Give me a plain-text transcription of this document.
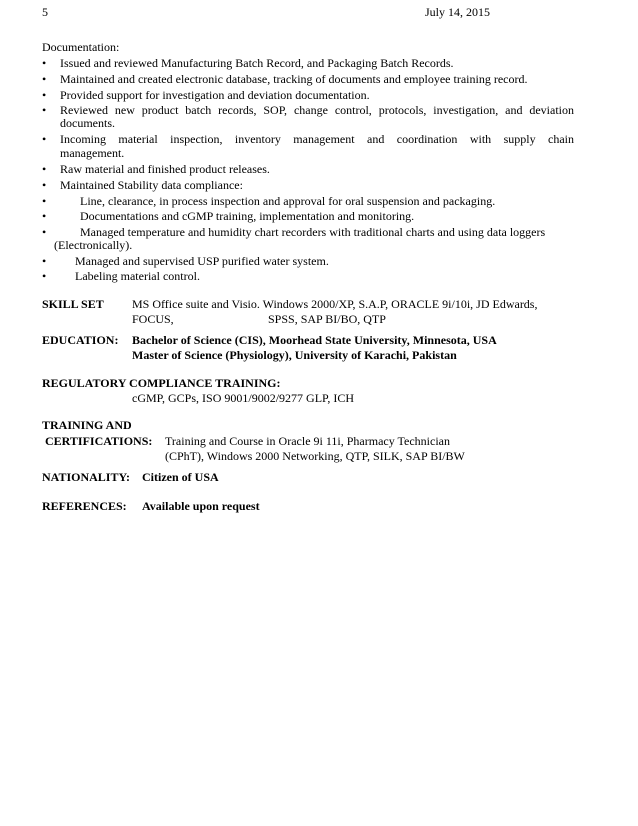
5	July 14, 2015
Documentation:
• Issued and reviewed Manufacturing Batch Record, and Packaging Batch Records.
• Maintained and created electronic database, tracking of documents and employee training record.
• Provided support for investigation and deviation documentation.
• Reviewed new product batch records, SOP, change control, protocols, investigation, and deviation
documents.
• Incoming material inspection, inventory management and coordination with supply chain
management.
• Raw material and finished product releases.
• Maintained Stability data compliance:
•	Line, clearance, in process inspection and approval for oral suspension and packaging.
•	Documentations and cGMP training, implementation and monitoring.
•	Managed temperature and humidity chart recorders with traditional charts and using data loggers
(Electronically).
• Managed and supervised USP purified water system.
• Labeling material control.
SKILL SET MS Office suite and Visio. Windows 2000/XP, S.A.P, ORACLE 9i/10i, JD Edwards,
FOCUS,	SPSS, SAP BI/BO, QTP
EDUCATION: Bachelor of Science (CIS), Moorhead State University, Minnesota, USA
Master of Science (Physiology), University of Karachi, Pakistan
REGULATORY COMPLIANCE TRAINING:
cGMP, GCPs, ISO 9001/9002/9277 GLP, ICH
TRAINING AND
CERTIFICATIONS: Training and Course in Oracle 9i 11i, Pharmacy Technician
(CPhT), Windows 2000 Networking, QTP, SILK, SAP BI/BW
NATIONALITY: Citizen of USA
REFERENCES: Available upon request
